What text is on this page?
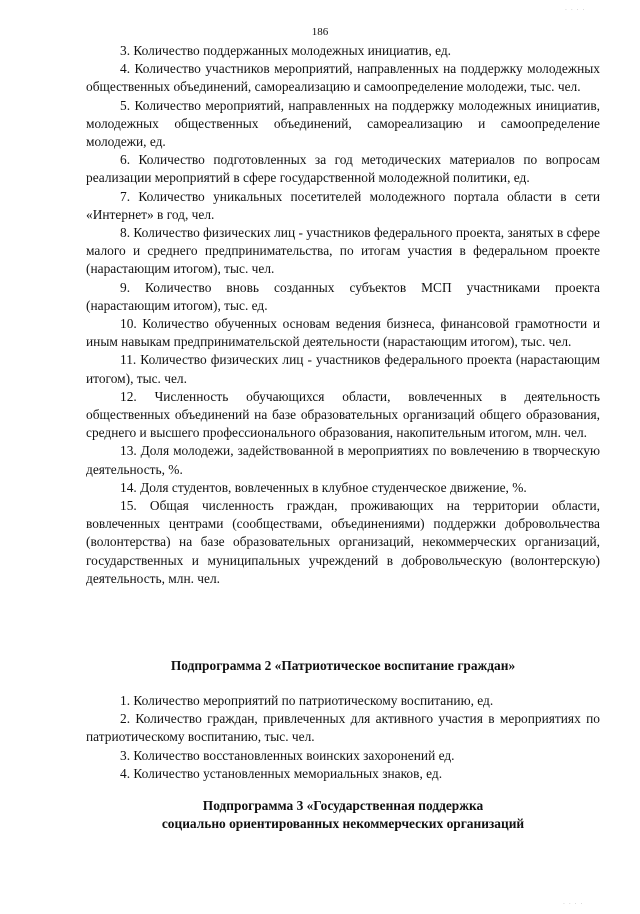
· · · ·
186

3. Количество поддержанных молодежных инициатив, ед.

4. Количество участников мероприятий, направленных на поддержку молодежных общественных объединений, самореализацию и самоопределение молодежи, тыс. чел.

5. Количество мероприятий, направленных на поддержку молодежных инициатив, молодежных общественных объединений, самореализацию и самоопределение молодежи, ед.

6. Количество подготовленных за год методических материалов по вопросам реализации мероприятий в сфере государственной молодежной политики, ед.

7. Количество уникальных посетителей молодежного портала области в сети «Интернет» в год, чел.

8. Количество физических лиц - участников федерального проекта, занятых в сфере малого и среднего предпринимательства, по итогам участия в федеральном проекте (нарастающим итогом), тыс. чел.

9. Количество вновь созданных субъектов МСП участниками проекта (нарастающим итогом), тыс. ед.

10. Количество обученных основам ведения бизнеса, финансовой грамотности и иным навыкам предпринимательской деятельности (нарастающим итогом), тыс. чел.

11. Количество физических лиц - участников федерального проекта (нарастающим итогом), тыс. чел.

12. Численность обучающихся области, вовлеченных в деятельность общественных объединений на базе образовательных организаций общего образования, среднего и высшего профессионального образования, накопительным итогом, млн. чел.

13. Доля молодежи, задействованной в мероприятиях по вовлечению в творческую деятельность, %.

14. Доля студентов, вовлеченных в клубное студенческое движение, %.

15. Общая численность граждан, проживающих на территории области, вовлеченных центрами (сообществами, объединениями) поддержки добровольчества (волонтерства) на базе образовательных организаций, некоммерческих организаций, государственных и муниципальных учреждений в добровольческую (волонтерскую) деятельность, млн. чел.

Подпрограмма 2 «Патриотическое воспитание граждан»

1. Количество мероприятий по патриотическому воспитанию, ед.

2. Количество граждан, привлеченных для активного участия в мероприятиях по патриотическому воспитанию, тыс. чел.

3. Количество восстановленных воинских захоронений ед.

4. Количество установленных мемориальных знаков, ед.

Подпрограмма 3 «Государственная поддержка
социально ориентированных некоммерческих организаций
· · · ·
